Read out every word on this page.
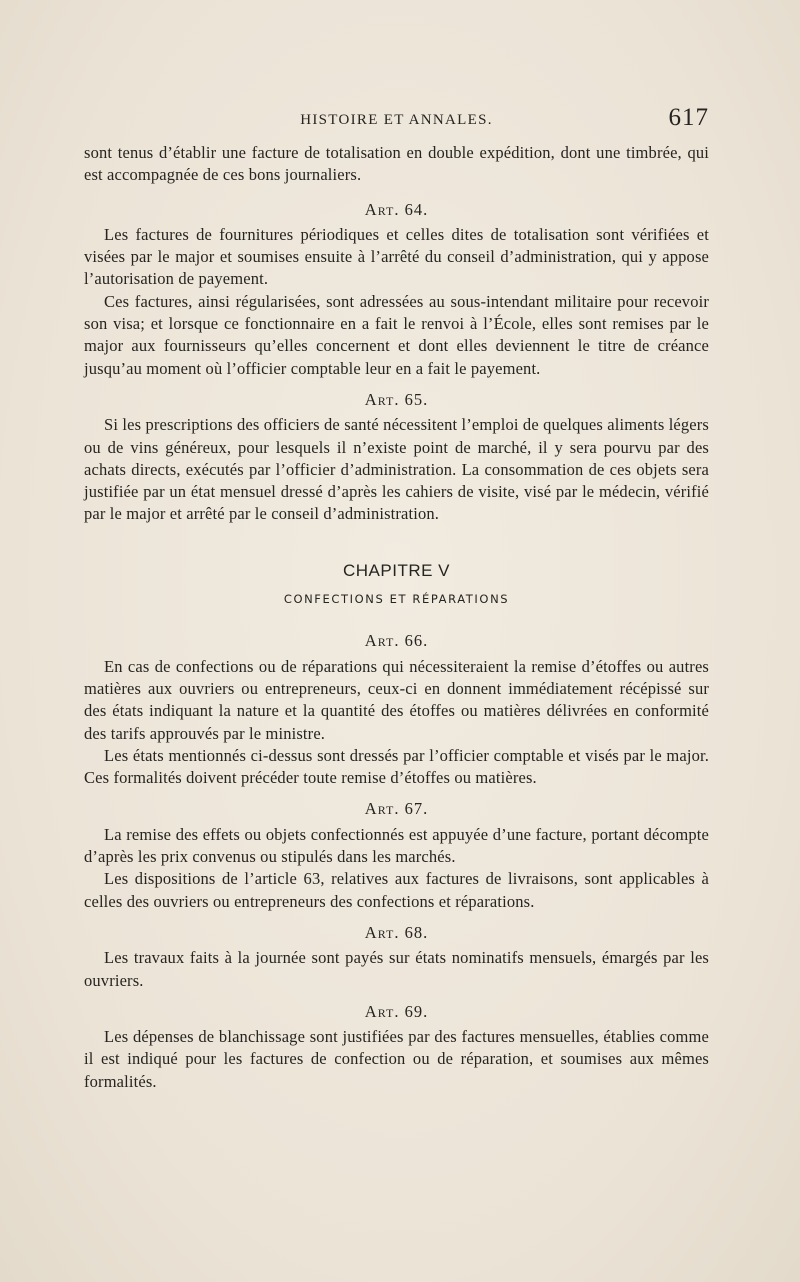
HISTOIRE ET ANNALES.	617

sont tenus d’établir une facture de totalisation en double expédition, dont une timbrée, qui est accompagnée de ces bons journaliers.

Art. 64.

Les factures de fournitures périodiques et celles dites de totalisation sont vérifiées et visées par le major et soumises ensuite à l’arrêté du conseil d’administration, qui y appose l’autorisation de payement.

Ces factures, ainsi régularisées, sont adressées au sous-intendant militaire pour recevoir son visa; et lorsque ce fonctionnaire en a fait le renvoi à l’École, elles sont remises par le major aux fournisseurs qu’elles concernent et dont elles deviennent le titre de créance jusqu’au moment où l’officier comptable leur en a fait le payement.

Art. 65.

Si les prescriptions des officiers de santé nécessitent l’emploi de quelques aliments légers ou de vins généreux, pour lesquels il n’existe point de marché, il y sera pourvu par des achats directs, exécutés par l’officier d’administration. La consommation de ces objets sera justifiée par un état mensuel dressé d’après les cahiers de visite, visé par le médecin, vérifié par le major et arrêté par le conseil d’administration.

CHAPITRE V
CONFECTIONS ET RÉPARATIONS
Art. 66.

En cas de confections ou de réparations qui nécessiteraient la remise d’étoffes ou autres matières aux ouvriers ou entrepreneurs, ceux-ci en donnent immédiatement récépissé sur des états indiquant la nature et la quantité des étoffes ou matières délivrées en conformité des tarifs approuvés par le ministre.

Les états mentionnés ci-dessus sont dressés par l’officier comptable et visés par le major. Ces formalités doivent précéder toute remise d’étoffes ou matières.

Art. 67.

La remise des effets ou objets confectionnés est appuyée d’une facture, portant décompte d’après les prix convenus ou stipulés dans les marchés.

Les dispositions de l’article 63, relatives aux factures de livraisons, sont applicables à celles des ouvriers ou entrepreneurs des confections et réparations.

Art. 68.

Les travaux faits à la journée sont payés sur états nominatifs mensuels, émargés par les ouvriers.

Art. 69.

Les dépenses de blanchissage sont justifiées par des factures mensuelles, établies comme il est indiqué pour les factures de confection ou de réparation, et soumises aux mêmes formalités.
